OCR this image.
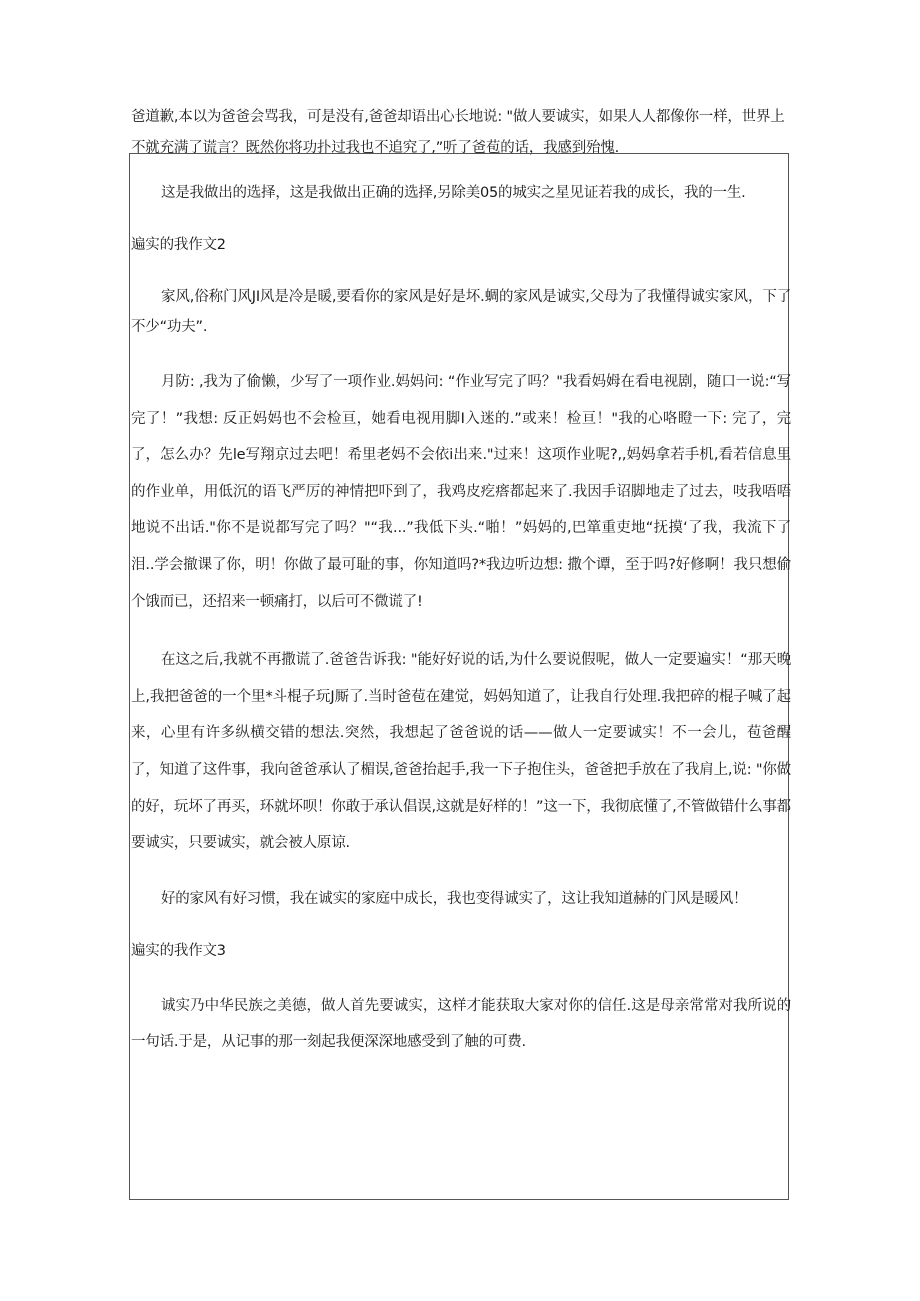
爸道歉,本以为爸爸会骂我，可是没有,爸爸却语出心长地说: "做人要诚实，如果人人都像你一样，世界上不就充满了谎言？既然你将功扑过我也不追究了,”听了爸苞的话，我感到殆愧.

这是我做出的选择，这是我做出正确的选择,另除美05的城实之星见证若我的成长，我的一生.

遍实的我作文2

家风,俗称门风JI风是冷是暖,要看你的家风是好是坏.蜩的家风是诚实,父母为了我懂得诚实家风，下了不少“功夫”.

月防: ,我为了偷懒，少写了一项作业.妈妈问: “作业写完了吗？"我看妈姆在看电视剧，随口一说:“写完了！”我想: 反正妈妈也不会检亘，她看电视用脚I入迷的.”或来！检亘！"我的心咯瞪一下: 完了，完了，怎么办？先le写翔京过去吧！希里老妈不会依i出来."过来！这项作业呢?,,妈妈拿若手机,看若信息里的作业单，用低沉的语飞严厉的神情把吓到了，我鸡皮疙瘩都起来了.我因手诏脚地走了过去，吱我唔唔地说不出话."你不是说都写完了吗？"“我...”我低下头.“啪！”妈妈的,巴箪重吏地“抚摸‘了我，我流下了泪..学会撤课了你，明！你做了最可耻的事，你知道吗?*我边听边想: 撒个谭，至于吗?好修啊！我只想偷个饿而已，还招来一顿痛打，以后可不微谎了!

在这之后,我就不再撒谎了.爸爸告诉我: "能好好说的话,为什么要说假呢，做人一定要遍实！“那天晚上,我把爸爸的一个里*斗棍子玩J厮了.当时爸苞在建觉，妈妈知道了，让我自行处理.我把碎的棍子喊了起来，心里有许多纵横交错的想法.突然，我想起了爸爸说的话——做人一定要诚实！不一会儿，苞爸醒了，知道了这件事，我向爸爸承认了楣误,爸爸抬起手,我一下子抱住头，爸爸把手放在了我肩上,说: "你做的好，玩坏了再买，环就坏呗！你敢于承认倡误,这就是好样的！”这一下，我彻底懂了,不管做错什么事都要诚实，只要诚实，就会被人原谅.

好的家风有好习惯，我在诚实的家庭中成长，我也变得诚实了，这让我知道赫的门风是暖风！

遍实的我作文3

诚实乃中华民族之美德，做人首先要诚实，这样才能获取大家对你的信任.这是母亲常常对我所说的一句话.于是，从记事的那一刻起我便深深地感受到了触的可费.
